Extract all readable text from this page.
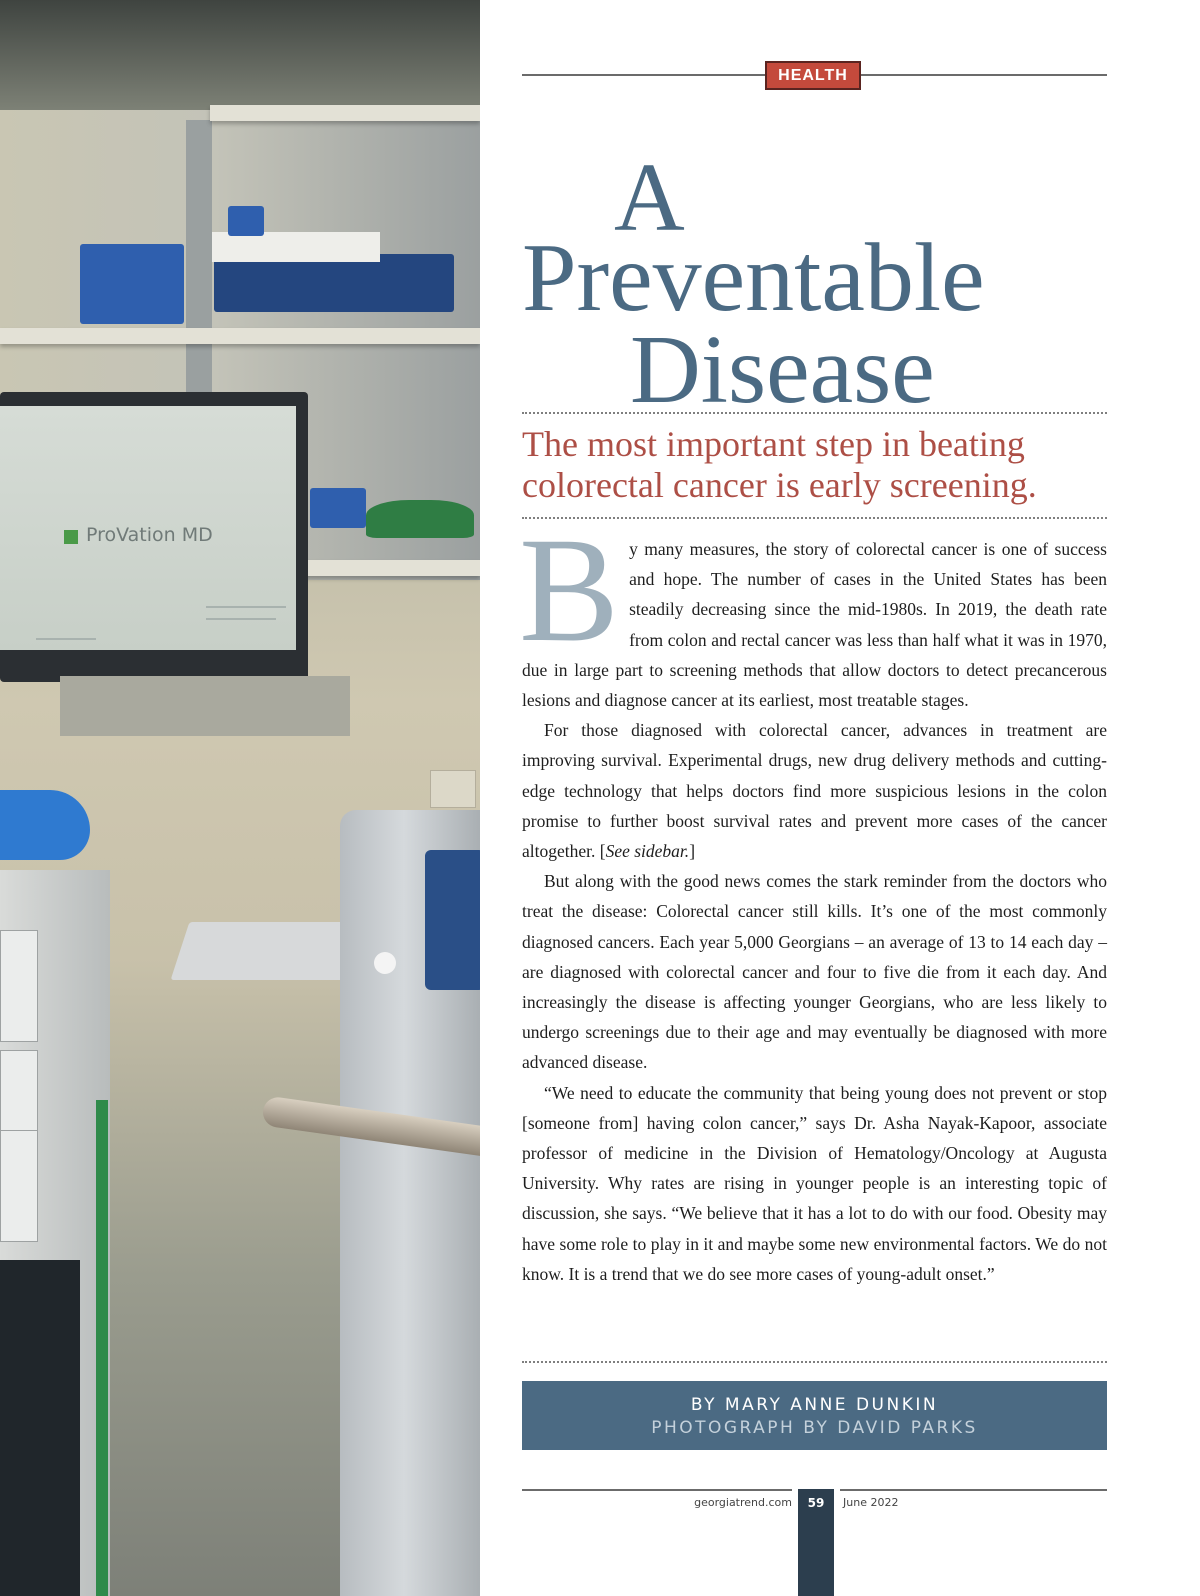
ProVation MD
HEALTH
A
Preventable
Disease
The most important step in beating colorectal cancer is early screening.

By many measures, the story of colorectal cancer is one of success and hope. The number of cases in the United States has been steadily decreasing since the mid-1980s. In 2019, the death rate from colon and rectal cancer was less than half what it was in 1970, due in large part to screening methods that allow doctors to detect precancerous lesions and diagnose cancer at its earliest, most treatable stages.

For those diagnosed with colorectal cancer, advances in treatment are improving survival. Experimental drugs, new drug delivery methods and cutting-edge technology that helps doctors find more suspicious lesions in the colon promise to further boost survival rates and prevent more cases of the cancer altogether. [See sidebar.]

But along with the good news comes the stark reminder from the doctors who treat the disease: Colorectal cancer still kills. It’s one of the most commonly diagnosed cancers. Each year 5,000 Georgians – an average of 13 to 14 each day – are diagnosed with colorectal cancer and four to five die from it each day. And increasingly the disease is affecting younger Georgians, who are less likely to undergo screenings due to their age and may eventually be diagnosed with more advanced disease.

“We need to educate the community that being young does not prevent or stop [someone from] having colon cancer,” says Dr. Asha Nayak-Kapoor, associate professor of medicine in the Division of Hematology/Oncology at Augusta University. Why rates are rising in younger people is an interesting topic of discussion, she says. “We believe that it has a lot to do with our food. Obesity may have some role to play in it and maybe some new environmental factors. We do not know. It is a trend that we do see more cases of young-adult onset.”

BY MARY ANNE DUNKIN
PHOTOGRAPH BY DAVID PARKS
georgiatrend.com	59	June 2022
